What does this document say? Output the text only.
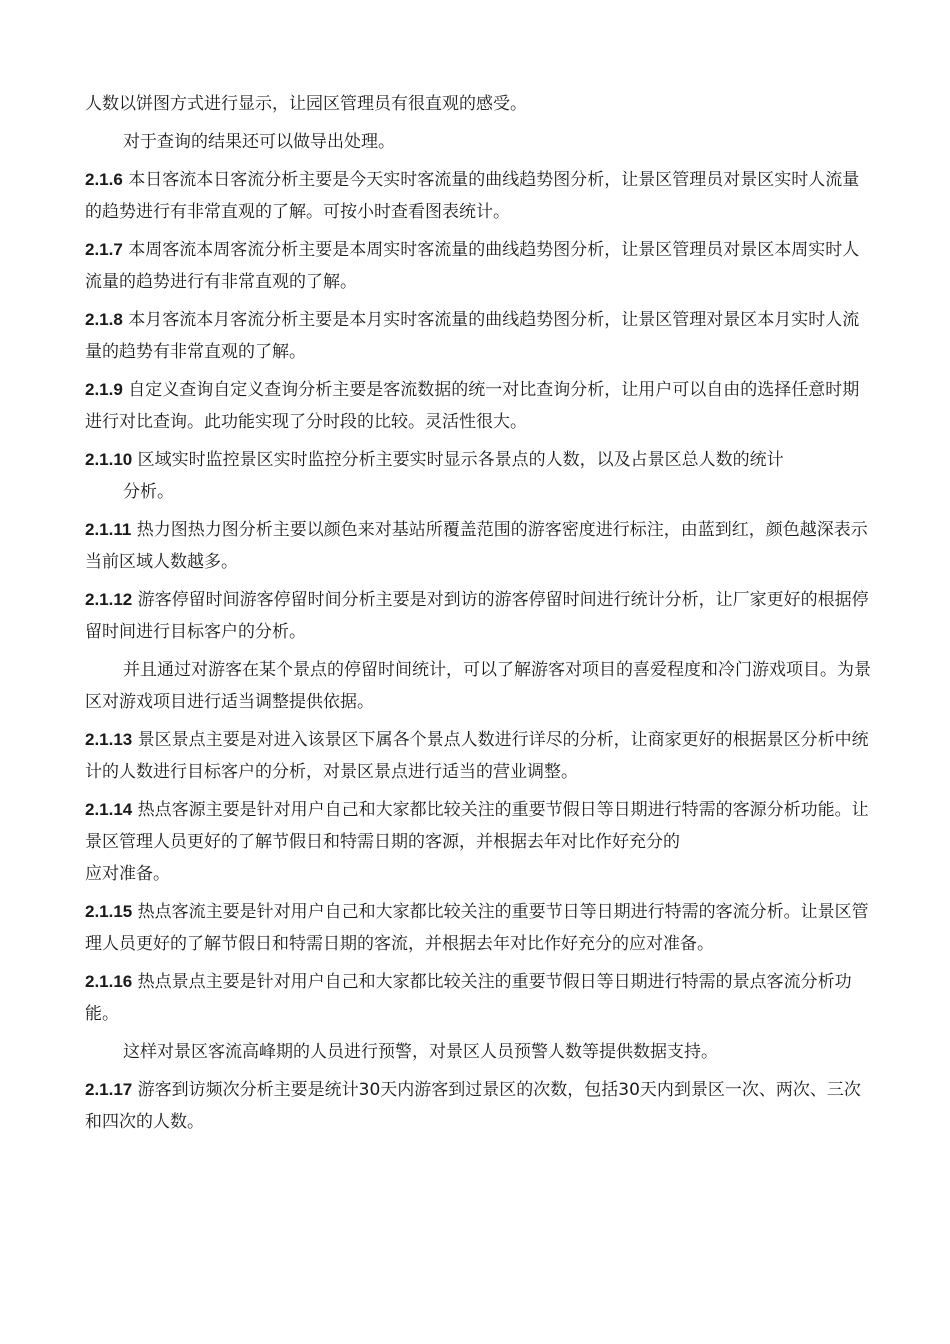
人数以饼图方式进行显示，让园区管理员有很直观的感受。

对于查询的结果还可以做导出处理。

2.1.6 本日客流本日客流分析主要是今天实时客流量的曲线趋势图分析，让景区管理员对景区实时人流量的趋势进行有非常直观的了解。可按小时查看图表统计。

2.1.7 本周客流本周客流分析主要是本周实时客流量的曲线趋势图分析，让景区管理员对景区本周实时人流量的趋势进行有非常直观的了解。

2.1.8 本月客流本月客流分析主要是本月实时客流量的曲线趋势图分析，让景区管理对景区本月实时人流量的趋势有非常直观的了解。

2.1.9 自定义查询自定义查询分析主要是客流数据的统一对比查询分析，让用户可以自由的选择任意时期进行对比查询。此功能实现了分时段的比较。灵活性很大。

2.1.10 区域实时监控景区实时监控分析主要实时显示各景点的人数，以及占景区总人数的统计

分析。

2.1.11 热力图热力图分析主要以颜色来对基站所覆盖范围的游客密度进行标注，由蓝到红，颜色越深表示当前区域人数越多。

2.1.12 游客停留时间游客停留时间分析主要是对到访的游客停留时间进行统计分析，让厂家更好的根据停留时间进行目标客户的分析。

并且通过对游客在某个景点的停留时间统计，可以了解游客对项目的喜爱程度和冷门游戏项目。为景区对游戏项目进行适当调整提供依据。

2.1.13 景区景点主要是对进入该景区下属各个景点人数进行详尽的分析，让商家更好的根据景区分析中统计的人数进行目标客户的分析，对景区景点进行适当的营业调整。

2.1.14 热点客源主要是针对用户自己和大家都比较关注的重要节假日等日期进行特需的客源分析功能。让景区管理人员更好的了解节假日和特需日期的客源，并根据去年对比作好充分的

应对准备。

2.1.15 热点客流主要是针对用户自己和大家都比较关注的重要节日等日期进行特需的客流分析。让景区管理人员更好的了解节假日和特需日期的客流，并根据去年对比作好充分的应对准备。

2.1.16 热点景点主要是针对用户自己和大家都比较关注的重要节假日等日期进行特需的景点客流分析功能。

这样对景区客流高峰期的人员进行预警，对景区人员预警人数等提供数据支持。

2.1.17 游客到访频次分析主要是统计30天内游客到过景区的次数，包括30天内到景区一次、两次、三次和四次的人数。
